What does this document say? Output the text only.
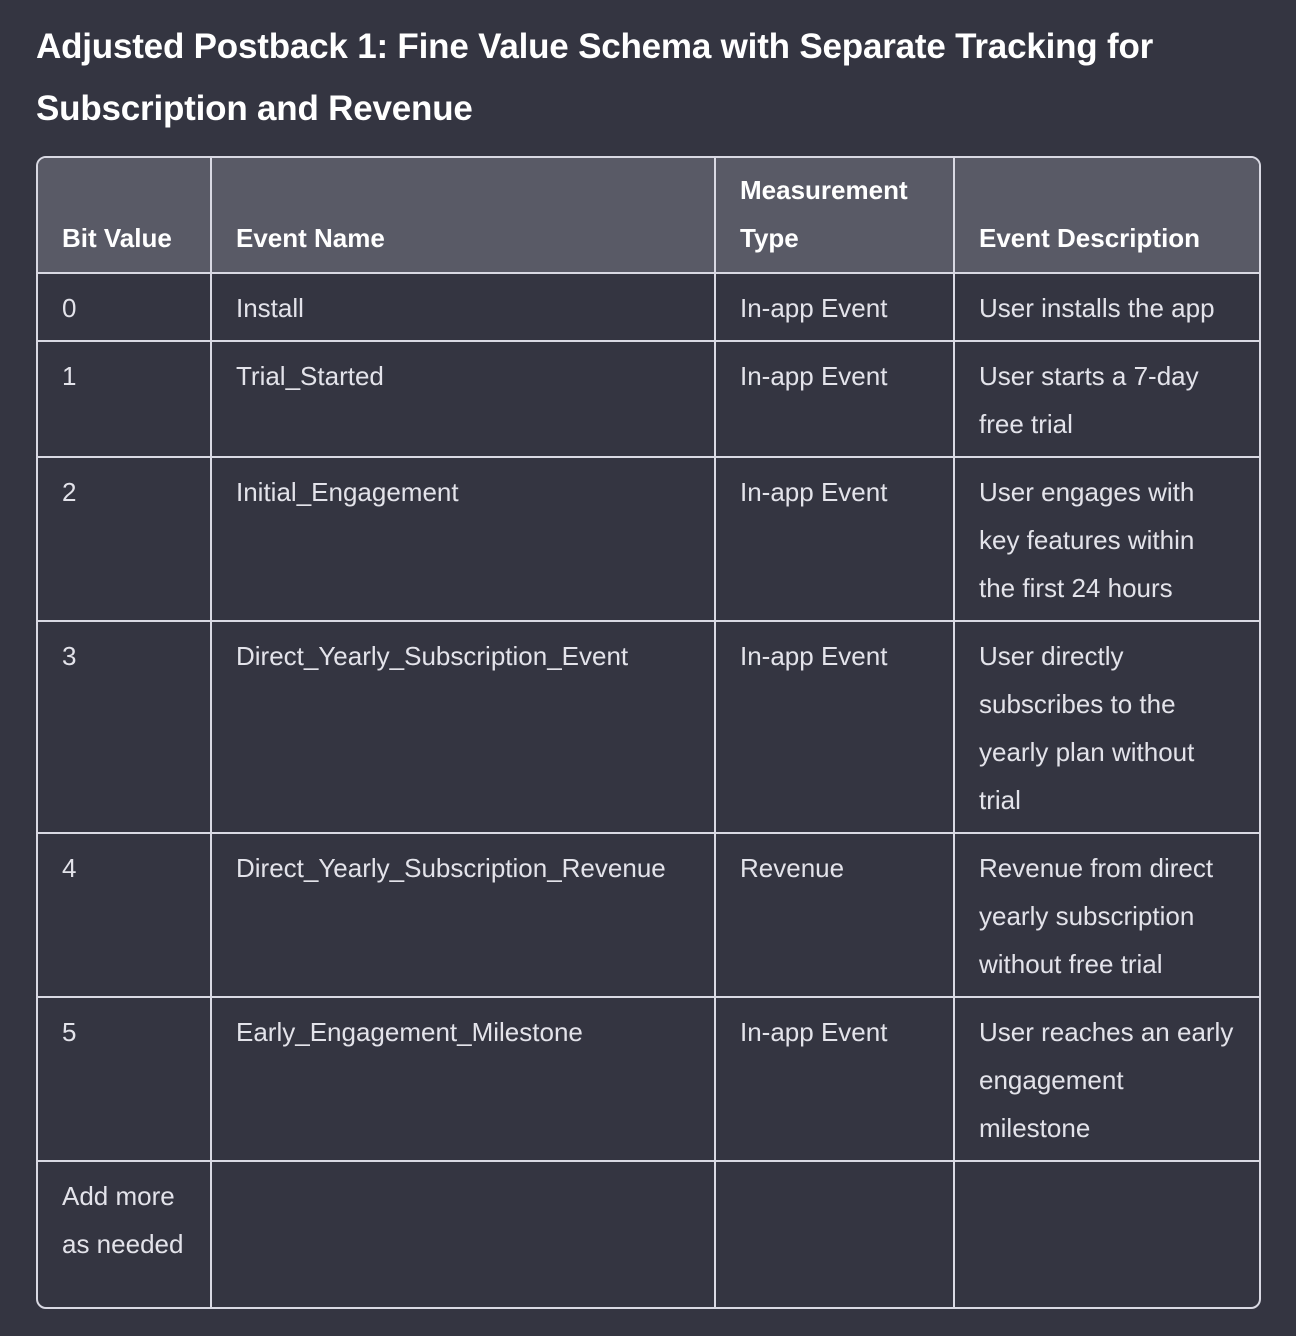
Adjusted Postback 1: Fine Value Schema with Separate Tracking for Subscription and Revenue
Bit Value	Event Name	Measurement Type	Event Description
0	Install	In-app Event	User installs the app
1	Trial_Started	In-app Event	User starts a 7-day free trial
2	Initial_Engagement	In-app Event	User engages with key features within the first 24 hours
3	Direct_Yearly_Subscription_Event	In-app Event	User directly subscribes to the yearly plan without trial
4	Direct_Yearly_Subscription_Revenue	Revenue	Revenue from direct yearly subscription without free trial
5	Early_Engagement_Milestone	In-app Event	User reaches an early engagement milestone
Add more as needed			
